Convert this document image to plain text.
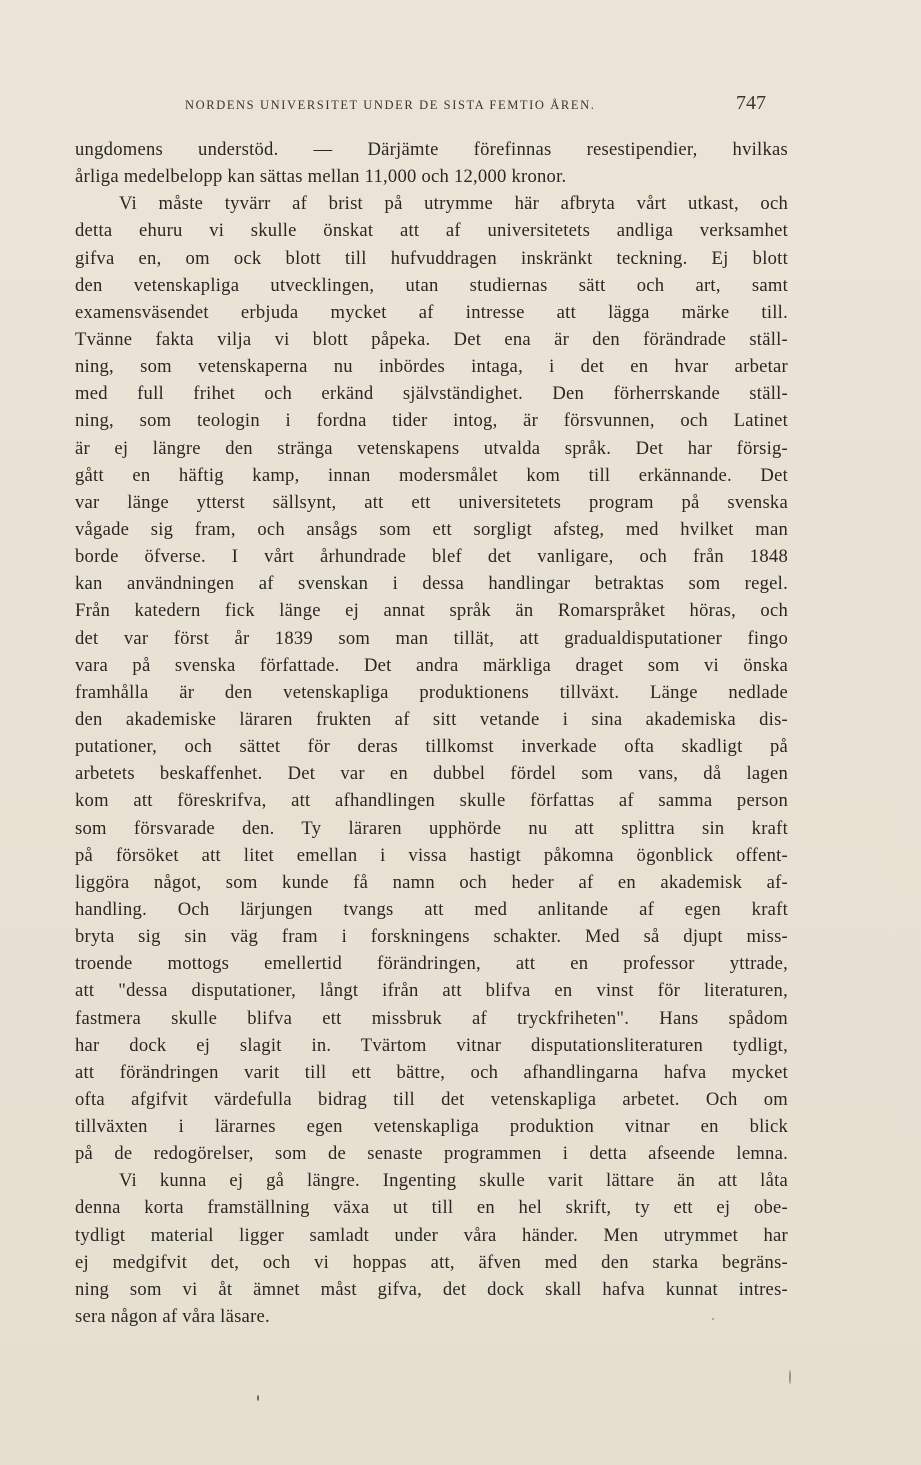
NORDENS UNIVERSITET UNDER DE SISTA FEMTIO ÅREN.	747
ungdomens understöd. — Därjämte förefinnas resestipendier, hvilkas
årliga medelbelopp kan sättas mellan 11,000 och 12,000 kronor.
Vi måste tyvärr af brist på utrymme här afbryta vårt utkast, och
detta ehuru vi skulle önskat att af universitetets andliga verksamhet
gifva en, om ock blott till hufvuddragen inskränkt teckning. Ej blott
den vetenskapliga utvecklingen, utan studiernas sätt och art, samt
examensväsendet erbjuda mycket af intresse att lägga märke till.
Tvänne fakta vilja vi blott påpeka. Det ena är den förändrade ställ-
ning, som vetenskaperna nu inbördes intaga, i det en hvar arbetar
med full frihet och erkänd självständighet. Den förherrskande ställ-
ning, som teologin i fordna tider intog, är försvunnen, och Latinet
är ej längre den stränga vetenskapens utvalda språk. Det har försig-
gått en häftig kamp, innan modersmålet kom till erkännande. Det
var länge ytterst sällsynt, att ett universitetets program på svenska
vågade sig fram, och ansågs som ett sorgligt afsteg, med hvilket man
borde öfverse. I vårt århundrade blef det vanligare, och från 1848
kan användningen af svenskan i dessa handlingar betraktas som regel.
Från katedern fick länge ej annat språk än Romarspråket höras, och
det var först år 1839 som man tillät, att gradualdisputationer fingo
vara på svenska författade. Det andra märkliga draget som vi önska
framhålla är den vetenskapliga produktionens tillväxt. Länge nedlade
den akademiske läraren frukten af sitt vetande i sina akademiska dis-
putationer, och sättet för deras tillkomst inverkade ofta skadligt på
arbetets beskaffenhet. Det var en dubbel fördel som vans, då lagen
kom att föreskrifva, att afhandlingen skulle författas af samma person
som försvarade den. Ty läraren upphörde nu att splittra sin kraft
på försöket att litet emellan i vissa hastigt påkomna ögonblick offent-
liggöra något, som kunde få namn och heder af en akademisk af-
handling. Och lärjungen tvangs att med anlitande af egen kraft
bryta sig sin väg fram i forskningens schakter. Med så djupt miss-
troende mottogs emellertid förändringen, att en professor yttrade,
att "dessa disputationer, långt ifrån att blifva en vinst för literaturen,
fastmera skulle blifva ett missbruk af tryckfriheten". Hans spådom
har dock ej slagit in. Tvärtom vitnar disputationsliteraturen tydligt,
att förändringen varit till ett bättre, och afhandlingarna hafva mycket
ofta afgifvit värdefulla bidrag till det vetenskapliga arbetet. Och om
tillväxten i lärarnes egen vetenskapliga produktion vitnar en blick
på de redogörelser, som de senaste programmen i detta afseende lemna.
Vi kunna ej gå längre. Ingenting skulle varit lättare än att låta
denna korta framställning växa ut till en hel skrift, ty ett ej obe-
tydligt material ligger samladt under våra händer. Men utrymmet har
ej medgifvit det, och vi hoppas att, äfven med den starka begräns-
ning som vi åt ämnet måst gifva, det dock skall hafva kunnat intres-
sera någon af våra läsare.
